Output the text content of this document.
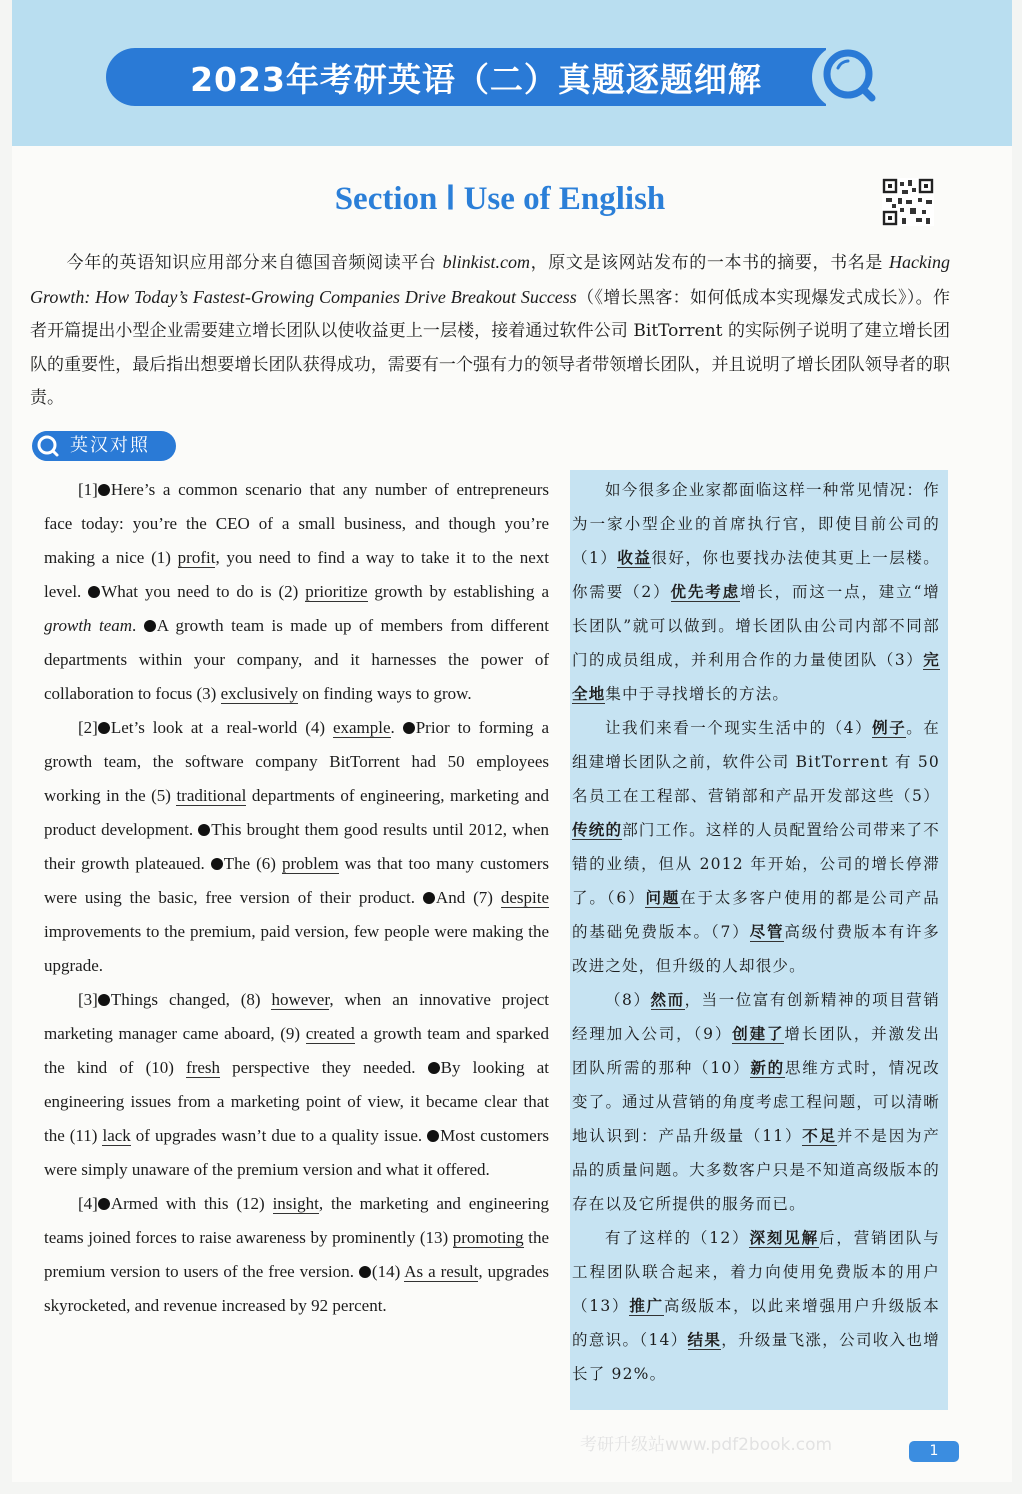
2023年考研英语（二）真题逐题细解
Section Ⅰ Use of English
今年的英语知识应用部分来自德国音频阅读平台 blinkist.com，原文是该网站发布的一本书的摘要，书名是 Hacking Growth: How Today’s Fastest-Growing Companies Drive Breakout Success（《增长黑客：如何低成本实现爆发式成长》）。作者开篇提出小型企业需要建立增长团队以使收益更上一层楼，接着通过软件公司 BitTorrent 的实际例子说明了建立增长团队的重要性，最后指出想要增长团队获得成功，需要有一个强有力的领导者带领增长团队，并且说明了增长团队领导者的职责。
英汉对照

[1] Here’s a common scenario that any number of entrepreneurs face today: you’re the CEO of a small business, and though you’re making a nice (1) profit, you need to find a way to take it to the next level. What you need to do is (2) prioritize growth by establishing a growth team. A growth team is made up of members from different departments within your company, and it harnesses the power of collaboration to focus (3) exclusively on finding ways to grow.

[2] Let’s look at a real-world (4) example. Prior to forming a growth team, the software company BitTorrent had 50 employees working in the (5) traditional departments of engineering, marketing and product development. This brought them good results until 2012, when their growth plateaued. The (6) problem was that too many customers were using the basic, free version of their product. And (7) despite improvements to the premium, paid version, few people were making the upgrade.

[3] Things changed, (8) however, when an innovative project marketing manager came aboard, (9) created a growth team and sparked the kind of (10) fresh perspective they needed. By looking at engineering issues from a marketing point of view, it became clear that the (11) lack of upgrades wasn’t due to a quality issue. Most customers were simply unaware of the premium version and what it offered.

[4] Armed with this (12) insight, the marketing and engineering teams joined forces to raise awareness by prominently (13) promoting the premium version to users of the free version. (14) As a result, upgrades skyrocketed, and revenue increased by 92 percent.

如今很多企业家都面临这样一种常见情况：作为一家小型企业的首席执行官，即使目前公司的（1）收益很好，你也要找办法使其更上一层楼。你需要（2）优先考虑增长，而这一点，建立“增长团队”就可以做到。增长团队由公司内部不同部门的成员组成，并利用合作的力量使团队（3）完全地集中于寻找增长的方法。

让我们来看一个现实生活中的（4）例子。在组建增长团队之前，软件公司 BitTorrent 有 50 名员工在工程部、营销部和产品开发部这些（5）传统的部门工作。这样的人员配置给公司带来了不错的业绩，但从 2012 年开始，公司的增长停滞了。（6）问题在于太多客户使用的都是公司产品的基础免费版本。（7）尽管高级付费版本有许多改进之处，但升级的人却很少。

（8）然而，当一位富有创新精神的项目营销经理加入公司，（9）创建了增长团队，并激发出团队所需的那种（10）新的思维方式时，情况改变了。通过从营销的角度考虑工程问题，可以清晰地认识到：产品升级量（11）不足并不是因为产品的质量问题。大多数客户只是不知道高级版本的存在以及它所提供的服务而已。

有了这样的（12）深刻见解后，营销团队与工程团队联合起来，着力向使用免费版本的用户（13）推广高级版本，以此来增强用户升级版本的意识。（14）结果，升级量飞涨，公司收入也增长了 92%。

考研升级站www.pdf2book.com	1
